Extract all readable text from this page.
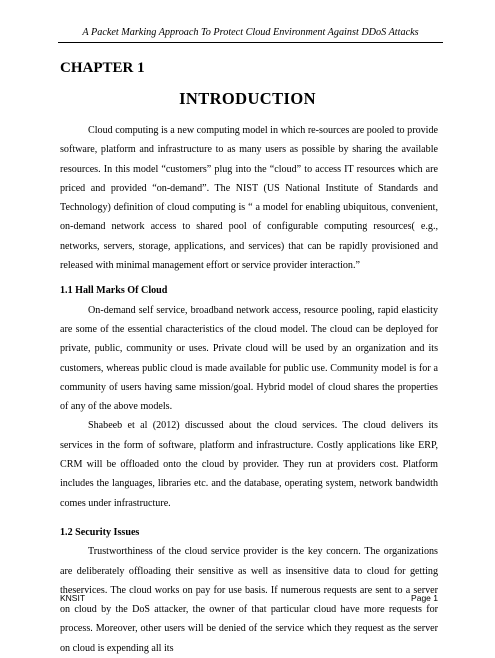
A Packet Marking Approach To Protect Cloud Environment Against DDoS Attacks
CHAPTER 1
INTRODUCTION

Cloud computing is a new computing model in which re-sources are pooled to provide software, platform and infrastructure to as many users as possible by sharing the available resources. In this model “customers” plug into the “cloud” to access IT resources which are priced and provided “on-demand”. The NIST (US National Institute of Standards and Technology) definition of cloud computing is “ a model for enabling ubiquitous, convenient, on-demand network access to shared pool of configurable computing resources( e.g., networks, servers, storage, applications, and services) that can be rapidly provisioned and released with minimal management effort or service provider interaction.”

1.1 Hall Marks Of Cloud

On-demand self service, broadband network access, resource pooling, rapid elasticity are some of the essential characteristics of the cloud model. The cloud can be deployed for private, public, community or uses. Private cloud will be used by an organization and its customers, whereas public cloud is made available for public use. Community model is for a community of users having same mission/goal. Hybrid model of cloud shares the properties of any of the above models.

Shabeeb et al (2012) discussed about the cloud services. The cloud delivers its services in the form of software, platform and infrastructure. Costly applications like ERP, CRM will be offloaded onto the cloud by provider. They run at providers cost. Platform includes the languages, libraries etc. and the database, operating system, network bandwidth comes under infrastructure.

1.2 Security Issues

Trustworthiness of the cloud service provider is the key concern. The organizations are deliberately offloading their sensitive as well as insensitive data to cloud for getting theservices. The cloud works on pay for use basis. If numerous requests are sent to a server on cloud by the DoS attacker, the owner of that particular cloud have more requests for process. Moreover, other users will be denied of the service which they request as the server on cloud is expending all its

KNSIT	Page 1
